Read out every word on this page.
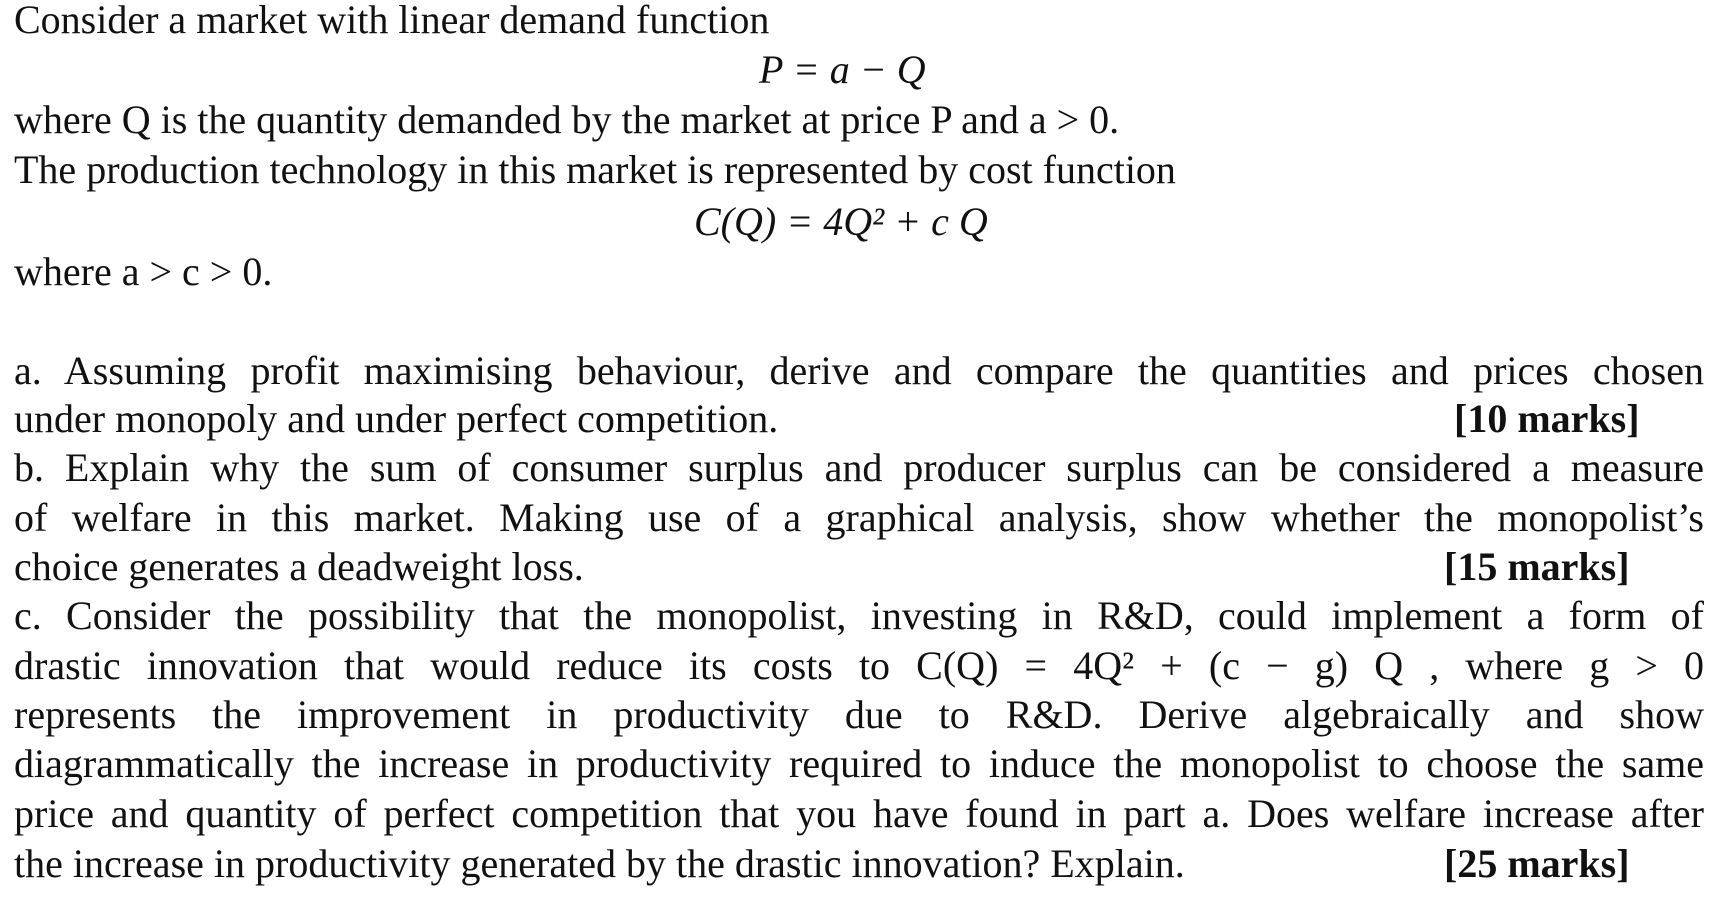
Consider a market with linear demand function
P = a − Q
where Q is the quantity demanded by the market at price P and a > 0.
The production technology in this market is represented by cost function
C(Q) = 4Q² + c Q
where a > c > 0.
a. Assuming profit maximising behaviour, derive and compare the quantities and prices chosen
under monopoly and under perfect competition.	[10 marks]
b. Explain why the sum of consumer surplus and producer surplus can be considered a measure
of welfare in this market. Making use of a graphical analysis, show whether the monopolist’s
choice generates a deadweight loss.	[15 marks]
c. Consider the possibility that the monopolist, investing in R&D, could implement a form of
drastic innovation that would reduce its costs to C(Q) = 4Q² + (c − g) Q , where g > 0
represents the improvement in productivity due to R&D. Derive algebraically and show
diagrammatically the increase in productivity required to induce the monopolist to choose the same
price and quantity of perfect competition that you have found in part a. Does welfare increase after
the increase in productivity generated by the drastic innovation? Explain.	[25 marks]
